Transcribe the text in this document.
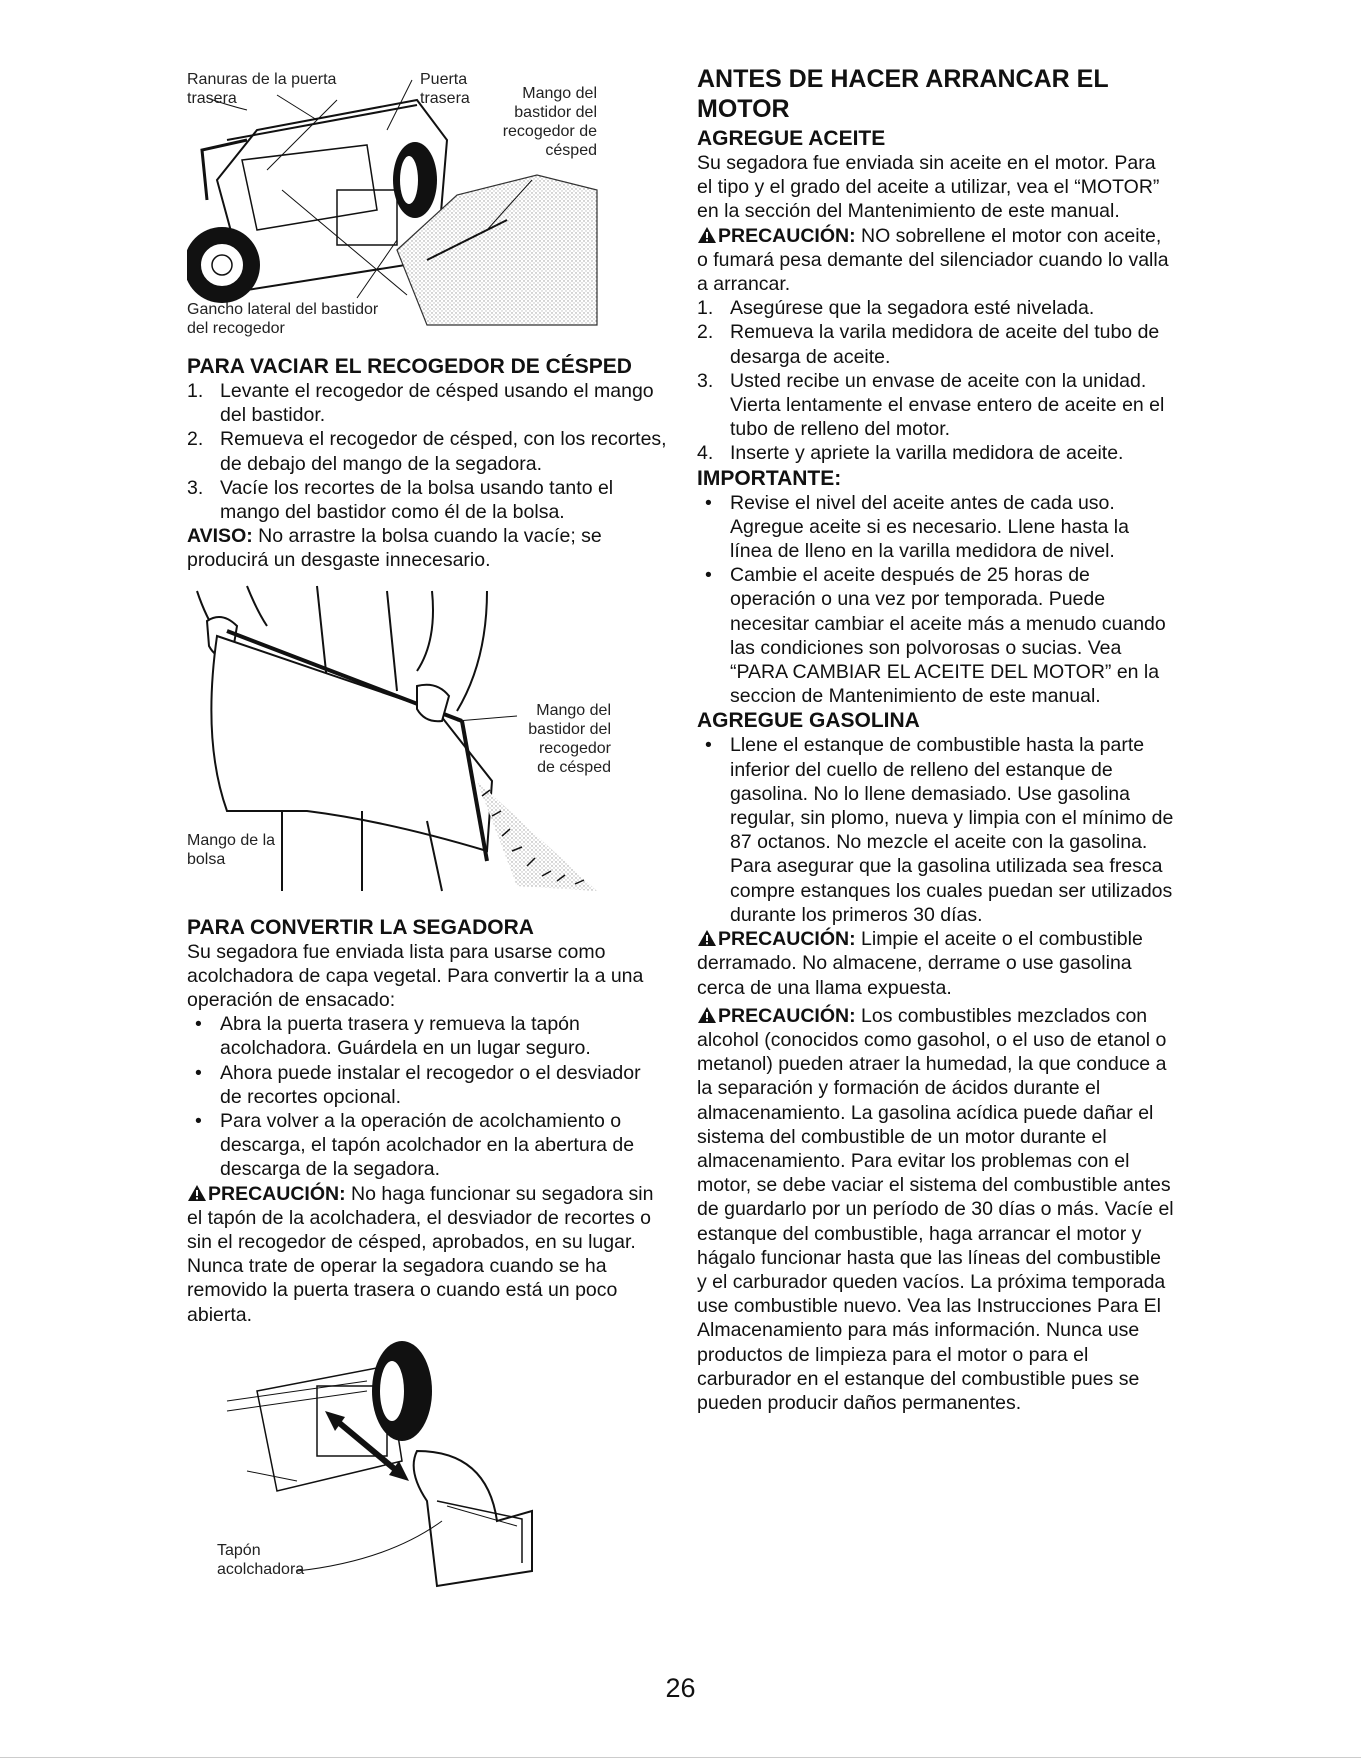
Ranuras de la puerta trasera
Puerta trasera	Mango del bastidor del recogedor de césped
Gancho lateral del bastidor del recogedor
PARA VACIAR EL RECOGEDOR DE CÉSPED
1. Levante el recogedor de césped usando el mango del bastidor.
2. Remueva el recogedor de césped, con los recortes, de debajo del mango de la segadora.
3. Vacíe los recortes de la bolsa usando tanto el mango del bastidor como él de la bolsa.

AVISO: No arrastre la bolsa cuando la vacíe; se producirá un desgaste innecesario.

Mango del bastidor del recogedor de césped
Mango de la bolsa
PARA CONVERTIR LA SEGADORA

Su segadora fue enviada lista para usarse como acolchadora de capa vegetal. Para convertir la a una operación de ensacado:

• Abra la puerta trasera y remueva la tapón acolchadora. Guárdela en un lugar seguro.
• Ahora puede instalar el recogedor o el desviador de recortes opcional.
• Para volver a la operación de acolchamiento o descarga, el tapón acolchador en la abertura de descarga de la segadora.

PRECAUCIÓN: No haga funcionar su segadora sin el tapón de la acolchadera, el desviador de recortes o sin el recogedor de césped, aprobados, en su lugar. Nunca trate de operar la segadora cuando se ha removido la puerta trasera o cuando está un poco abierta.

Tapón acolchadora
ANTES DE HACER ARRANCAR EL MOTOR
AGREGUE ACEITE

Su segadora fue enviada sin aceite en el motor. Para el tipo y el grado del aceite a utilizar, vea el “MOTOR” en la sección del Mantenimiento de este manual.

PRECAUCIÓN: NO sobrellene el motor con aceite, o fumará pesa demante del silenciador cuando lo valla a arrancar.

1. Asegúrese que la segadora esté nivelada.
2. Remueva la varila medidora de aceite del tubo de desarga de aceite.
3. Usted recibe un envase de aceite con la unidad. Vierta lentamente el envase entero de aceite en el tubo de relleno del motor.
4. Inserte y apriete la varilla medidora de aceite.
IMPORTANTE:
• Revise el nivel del aceite antes de cada uso. Agregue aceite si es necesario. Llene hasta la línea de lleno en la varilla medidora de nivel.
• Cambie el aceite después de 25 horas de operación o una vez por temporada. Puede necesitar cambiar el aceite más a menudo cuando las condiciones son polvorosas o sucias. Vea “PARA CAMBIAR EL ACEITE DEL MOTOR” en la seccion de Mantenimiento de este manual.
AGREGUE GASOLINA
• Llene el estanque de combustible hasta la parte inferior del cuello de relleno del estanque de gasolina. No lo llene demasiado. Use gasolina regular, sin plomo, nueva y limpia con el mínimo de 87 octanos. No mezcle el aceite con la gasolina. Para asegurar que la gasolina utilizada sea fresca compre estanques los cuales puedan ser utilizados durante los primeros 30 días.

PRECAUCIÓN: Limpie el aceite o el combustible derramado. No almacene, derrame o use gasolina cerca de una llama expuesta.

PRECAUCIÓN: Los combustibles mezclados con alcohol (conocidos como gasohol, o el uso de etanol o metanol) pueden atraer la humedad, la que conduce a la separación y formación de ácidos durante el almacenamiento. La gasolina acídica puede dañar el sistema del combustible de un motor durante el almacenamiento. Para evitar los problemas con el motor, se debe vaciar el sistema del combustible antes de guardarlo por un período de 30 días o más. Vacíe el estanque del combustible, haga arrancar el motor y hágalo funcionar hasta que las líneas del combustible y el carburador queden vacíos. La próxima temporada use combustible nuevo. Vea las Instrucciones Para El Almacenamiento para más información. Nunca use productos de limpieza para el motor o para el carburador en el estanque del combustible pues se pueden producir daños permanentes.

26
